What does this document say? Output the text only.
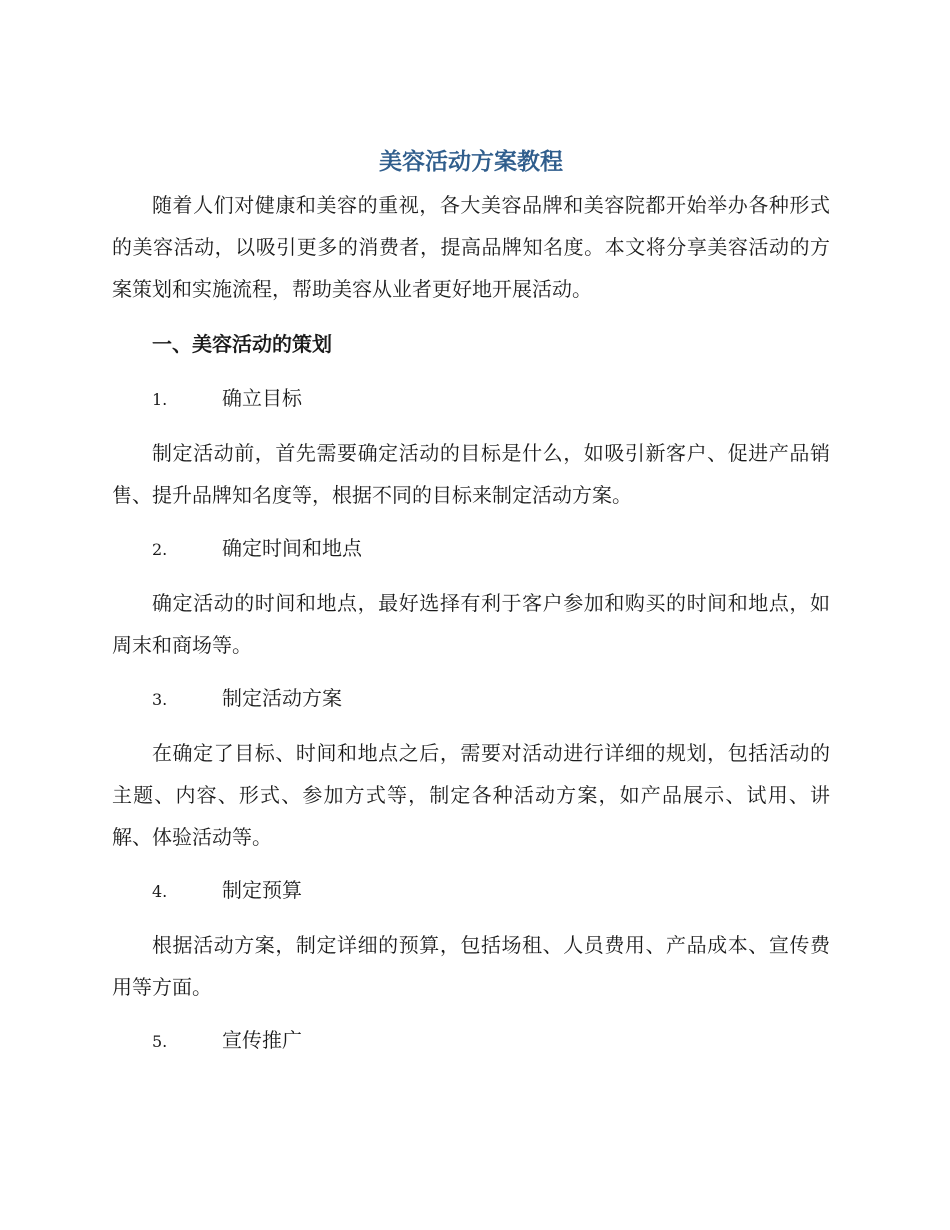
美容活动方案教程

随着人们对健康和美容的重视，各大美容品牌和美容院都开始举办各种形式的美容活动，以吸引更多的消费者，提高品牌知名度。本文将分享美容活动的方案策划和实施流程，帮助美容从业者更好地开展活动。

一、美容活动的策划
1.	确立目标

制定活动前，首先需要确定活动的目标是什么，如吸引新客户、促进产品销售、提升品牌知名度等，根据不同的目标来制定活动方案。

2.	确定时间和地点

确定活动的时间和地点，最好选择有利于客户参加和购买的时间和地点，如周末和商场等。

3.	制定活动方案

在确定了目标、时间和地点之后，需要对活动进行详细的规划，包括活动的主题、内容、形式、参加方式等，制定各种活动方案，如产品展示、试用、讲解、体验活动等。

4.	制定预算

根据活动方案，制定详细的预算，包括场租、人员费用、产品成本、宣传费用等方面。

5.	宣传推广
